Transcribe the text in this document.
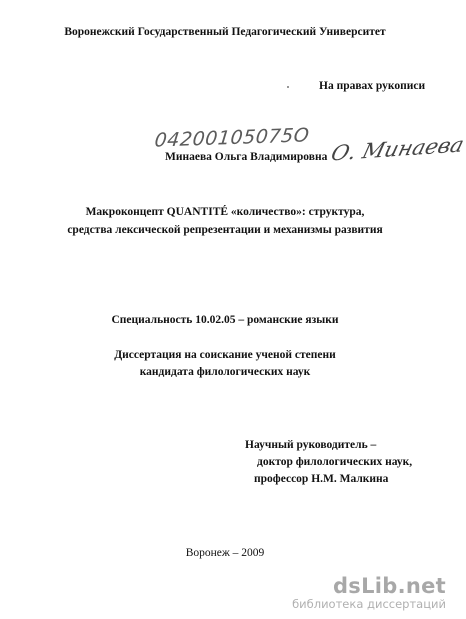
Воронежский Государственный Педагогический Университет
На правах рукописи
04200105075О
Минаева Ольга Владимировна О. Минаева
Макроконцепт QUANTITÉ «количество»: структура,
средства лексической репрезентации и механизмы развития
Специальность 10.02.05 – романские языки
Диссертация на соискание ученой степени
кандидата филологических наук
Научный руководитель –
доктор филологических наук,
профессор Н.М. Малкина
Воронеж – 2009
dsLib.net
библиотека диссертаций
